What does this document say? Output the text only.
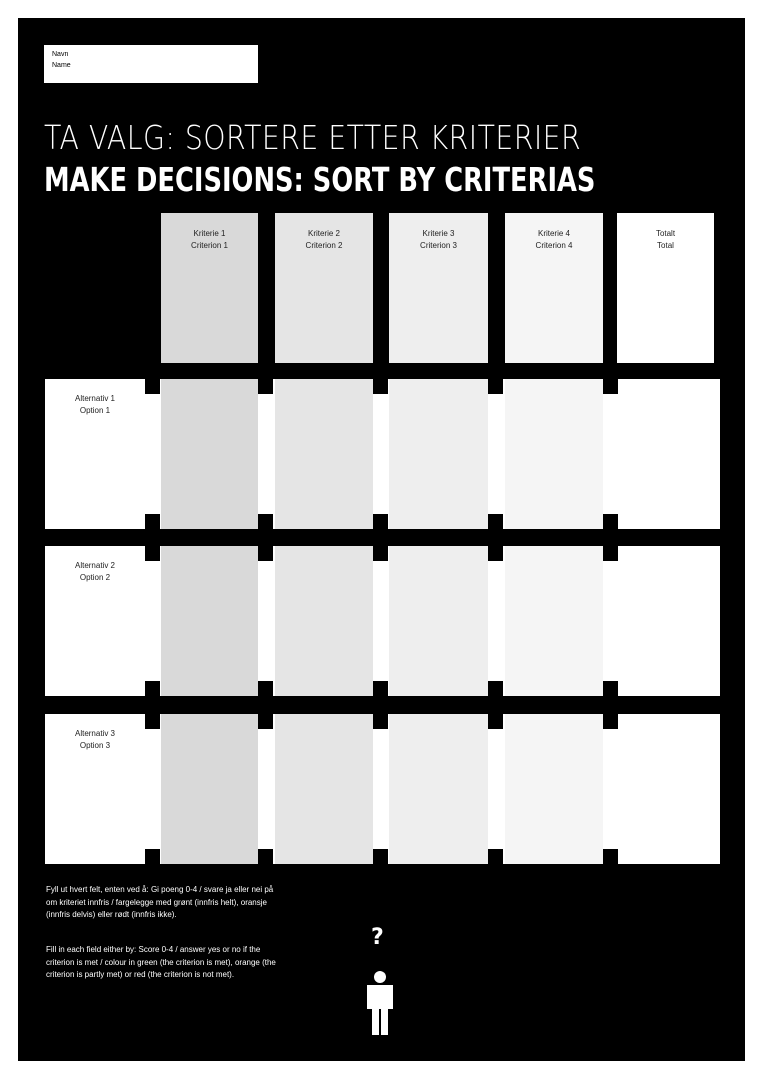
Navn
Name
TA VALG: SORTERE ETTER KRITERIER
MAKE DECISIONS: SORT BY CRITERIAS
Kriterie 1
Criterion 1
Kriterie 2
Criterion 2
Kriterie 3
Criterion 3
Kriterie 4
Criterion 4
Totalt
Total
Alternativ 1
Option 1
Alternativ 2
Option 2
Alternativ 3
Option 3
Fyll ut hvert felt, enten ved å: Gi poeng 0-4 / svare ja eller nei på om kriteriet innfris / fargelegge med grønt (innfris helt), oransje (innfris delvis) eller rødt (innfris ikke).
Fill in each field either by: Score 0-4 / answer yes or no if the criterion is met / colour in green (the criterion is met), orange (the criterion is partly met) or red (the criterion is not met).
?
